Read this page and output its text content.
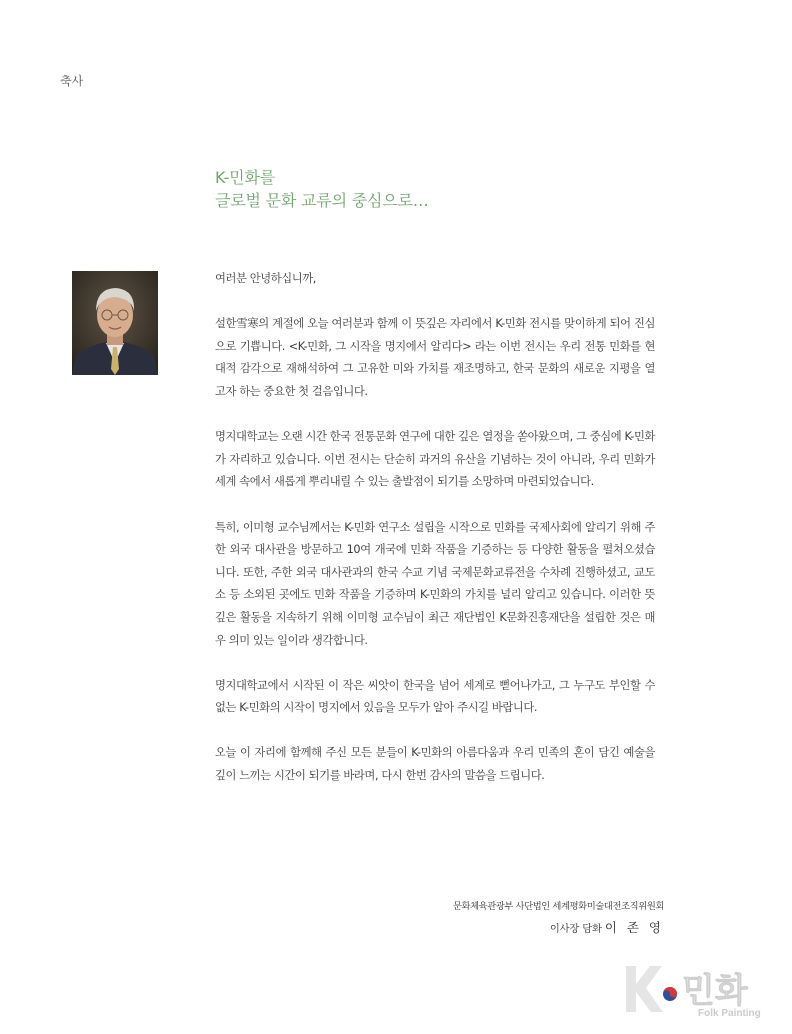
축사
K-민화를
글로벌 문화 교류의 중심으로…

여러분 안녕하십니까,

설한雪寒의 계절에 오늘 여러분과 함께 이 뜻깊은 자리에서 K-민화 전시를 맞이하게 되어 진심으로 기쁩니다. <K-민화, 그 시작을 명지에서 알리다> 라는 이번 전시는 우리 전통 민화를 현대적 감각으로 재해석하여 그 고유한 미와 가치를 재조명하고, 한국 문화의 새로운 지평을 열고자 하는 중요한 첫 걸음입니다.

명지대학교는 오랜 시간 한국 전통문화 연구에 대한 깊은 열정을 쏟아왔으며, 그 중심에 K-민화가 자리하고 있습니다. 이번 전시는 단순히 과거의 유산을 기념하는 것이 아니라, 우리 민화가 세계 속에서 새롭게 뿌리내릴 수 있는 출발점이 되기를 소망하며 마련되었습니다.

특히, 이미형 교수님께서는 K-민화 연구소 설립을 시작으로 민화를 국제사회에 알리기 위해 주한 외국 대사관을 방문하고 10여 개국에 민화 작품을 기증하는 등 다양한 활동을 펼쳐오셨습니다. 또한, 주한 외국 대사관과의 한국 수교 기념 국제문화교류전을 수차례 진행하셨고, 교도소 등 소외된 곳에도 민화 작품을 기증하며 K-민화의 가치를 널리 알리고 있습니다. 이러한 뜻깊은 활동을 지속하기 위해 이미형 교수님이 최근 재단법인 K문화진흥재단을 설립한 것은 매우 의미 있는 일이라 생각합니다.

명지대학교에서 시작된 이 작은 씨앗이 한국을 넘어 세계로 뻗어나가고, 그 누구도 부인할 수 없는 K-민화의 시작이 명지에서 있음을 모두가 알아 주시길 바랍니다.

오늘 이 자리에 함께해 주신 모든 분들이 K-민화의 아름다움과 우리 민족의 혼이 담긴 예술을 깊이 느끼는 시간이 되기를 바라며, 다시 한번 감사의 말씀을 드립니다.

문화체육관광부 사단법인 세계평화미술대전조직위원회
이사장 담화 이 존 영
민화
Folk Painting
